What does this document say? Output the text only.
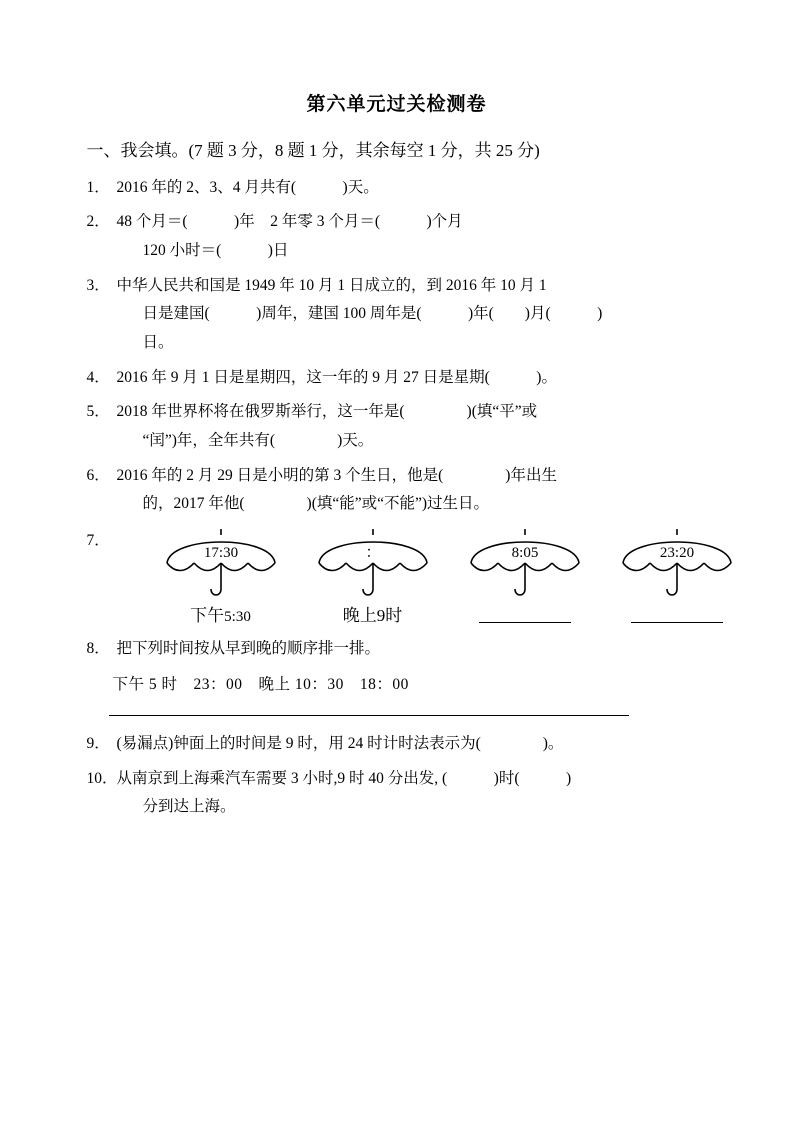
第六单元过关检测卷
一、我会填。(7 题 3 分，8 题 1 分，其余每空 1 分，共 25 分)
1． 2016 年的 2、3、4 月共有(　　　)天。
2． 48 个月＝(　　　)年　2 年零 3 个月＝(　　　)个月
120 小时＝(　　　)日
3． 中华人民共和国是 1949 年 10 月 1 日成立的，到 2016 年 10 月 1
日是建国(　　　)周年，建国 100 周年是(　　　)年(　　)月(　　　)
日。
4． 2016 年 9 月 1 日是星期四，这一年的 9 月 27 日是星期(　　　)。
5． 2018 年世界杯将在俄罗斯举行，这一年是(　　　　)(填“平”或
“闰”)年，全年共有(　　　　)天。
6． 2016 年的 2 月 29 日是小明的第 3 个生日，他是(　　　　)年出生
的，2017 年他(　　　　)(填“能”或“不能”)过生日。
7．
17:30	：	8:05	23:20
下午5:30	晚上9时
8． 把下列时间按从早到晚的顺序排一排。
下午 5 时　23：00　晚上 10：30　18：00
9． (易漏点)钟面上的时间是 9 时，用 24 时计时法表示为(　　　　)。
10．
从南京到上海乘汽车需要 3 小时,9 时 40 分出发, (　　　)时(　　　)
分到达上海。
